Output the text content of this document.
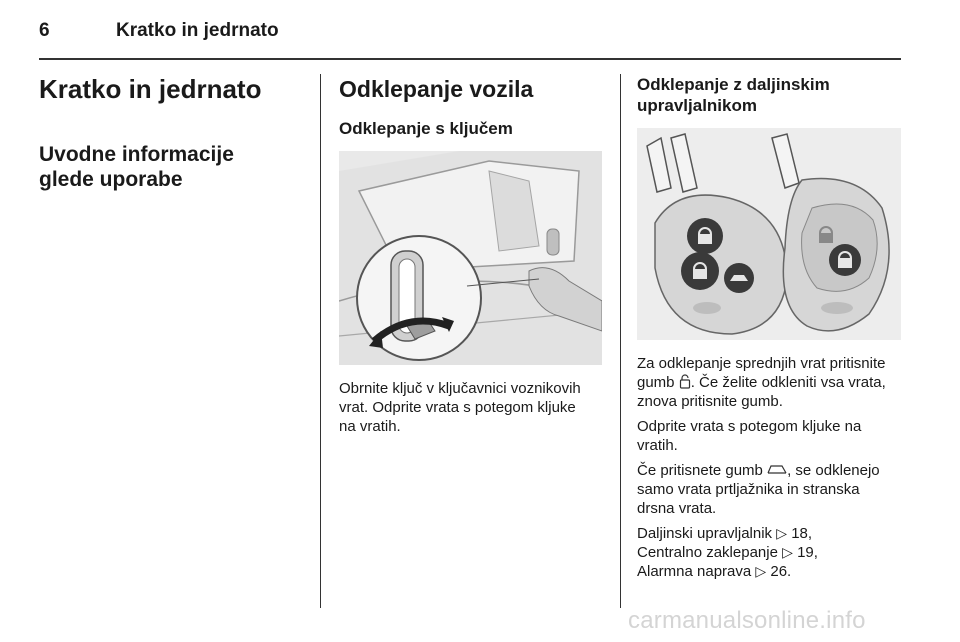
6	Kratko in jedrnato
Kratko in jedrnato
Uvodne informacije
glede uporabe
Odklepanje vozila
Odklepanje s ključem

Obrnite ključ v ključavnici voznikovih
vrat. Odprite vrata s potegom kljuke
na vratih.

Odklepanje z daljinskim
upravljalnikom

Za odklepanje sprednjih vrat pritisnite
gumb . Če želite odkleniti vsa vrata,
znova pritisnite gumb.

Odprite vrata s potegom kljuke na
vratih.

Če pritisnete gumb , se odklenejo
samo vrata prtljažnika in stranska
drsna vrata.

Daljinski upravljalnik ▷ 18,
Centralno zaklepanje ▷ 19,
Alarmna naprava ▷ 26.

carmanualsonline.info
